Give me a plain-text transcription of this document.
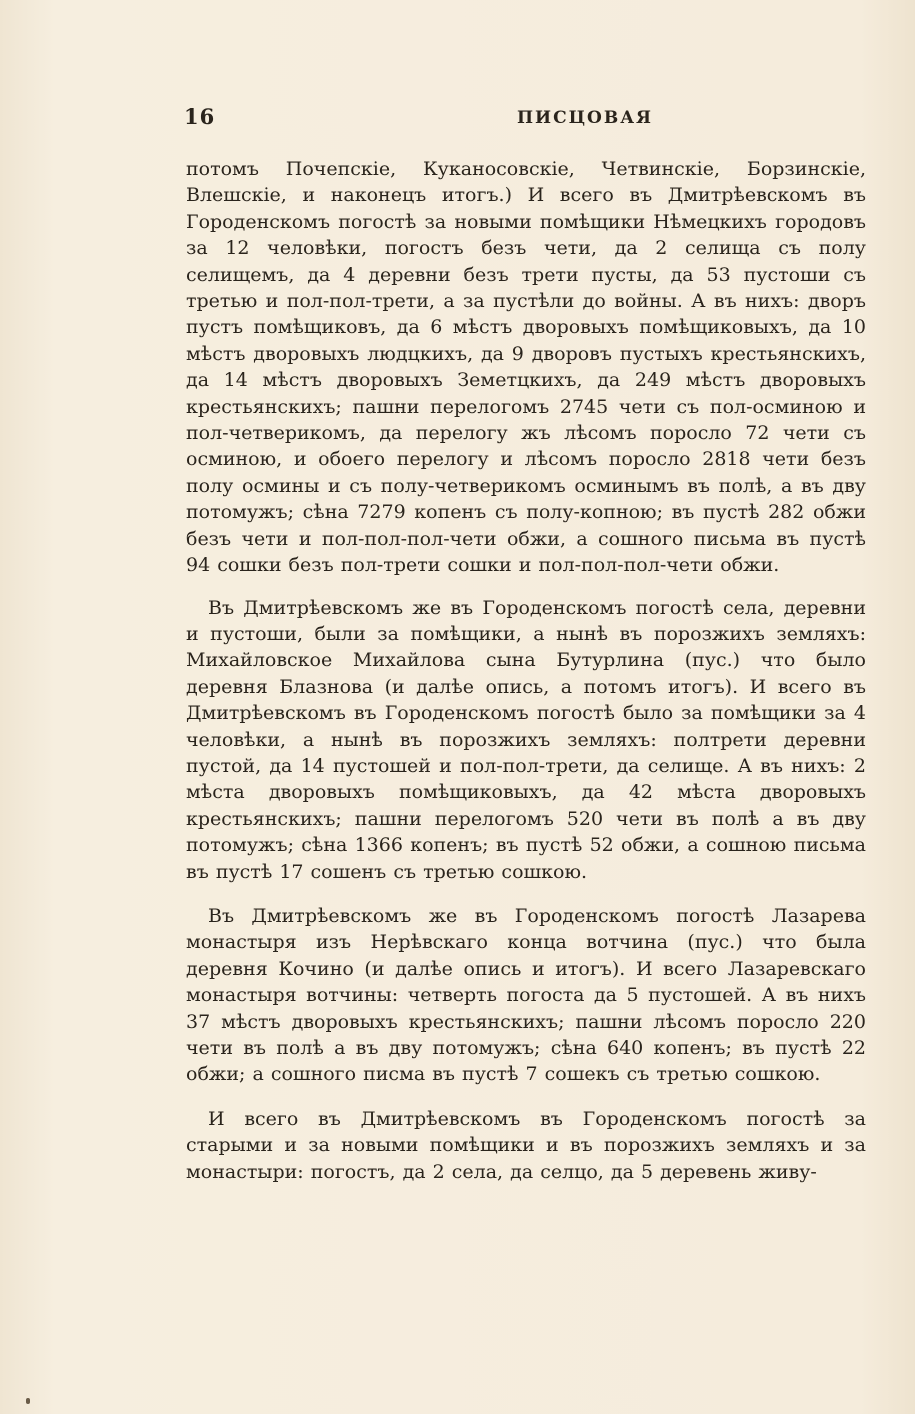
16	ПИСЦОВАЯ

потомъ Почепскіе, Куканосовскіе, Четвинскіе, Борзинскіе, Влешскіе, и наконецъ итогъ.) И всего въ Дмитрѣевскомъ въ Городенскомъ погостѣ за новыми помѣщики Нѣмецкихъ городовъ за 12 человѣки, погостъ безъ чети, да 2 селища съ полу селищемъ, да 4 деревни безъ трети пусты, да 53 пустоши съ третью и пол-пол-трети, а за пустѣли до войны. А въ нихъ: дворъ пустъ помѣщиковъ, да 6 мѣстъ дворовыхъ помѣщиковыхъ, да 10 мѣстъ дворовыхъ людцкихъ, да 9 дворовъ пустыхъ крестьянскихъ, да 14 мѣстъ дворовыхъ Земетцкихъ, да 249 мѣстъ дворовыхъ крестьянскихъ; пашни перелогомъ 2745 чети съ пол-осминою и пол-четверикомъ, да перелогу жъ лѣсомъ поросло 72 чети съ осминою, и обоего перелогу и лѣсомъ поросло 2818 чети безъ полу осмины и съ полу-четверикомъ осминымъ въ полѣ, а въ дву потомужъ; сѣна 7279 копенъ съ полу-копною; въ пустѣ 282 обжи безъ чети и пол-пол-пол-чети обжи, а сошного письма въ пустѣ 94 сошки безъ пол-трети сошки и пол-пол-пол-чети обжи.

Въ Дмитрѣевскомъ же въ Городенскомъ погостѣ села, деревни и пустоши, были за помѣщики, а нынѣ въ порозжихъ земляхъ: Михайловское Михайлова сына Бутурлина (пус.) что было деревня Блазнова (и далѣе опись, а потомъ итогъ). И всего въ Дмитрѣевскомъ въ Городенскомъ погостѣ было за помѣщики за 4 человѣки, а нынѣ въ порозжихъ земляхъ: полтрети деревни пустой, да 14 пустошей и пол-пол-трети, да селище. А въ нихъ: 2 мѣста дворовыхъ помѣщиковыхъ, да 42 мѣста дворовыхъ крестьянскихъ; пашни перелогомъ 520 чети въ полѣ а въ дву потомужъ; сѣна 1366 копенъ; въ пустѣ 52 обжи, а сошною письма въ пустѣ 17 сошенъ съ третью сошкою.

Въ Дмитрѣевскомъ же въ Городенскомъ погостѣ Лазарева монастыря изъ Нерѣвскаго конца вотчина (пус.) что была деревня Кочино (и далѣе опись и итогъ). И всего Лазаревскаго монастыря вотчины: четверть погоста да 5 пустошей. А въ нихъ 37 мѣстъ дворовыхъ крестьянскихъ; пашни лѣсомъ поросло 220 чети въ полѣ а въ дву потомужъ; сѣна 640 копенъ; въ пустѣ 22 обжи; а сошного писма въ пустѣ 7 сошекъ съ третью сошкою.

И всего въ Дмитрѣевскомъ въ Городенскомъ погостѣ за старыми и за новыми помѣщики и въ порозжихъ земляхъ и за монастыри: погостъ, да 2 села, да селцо, да 5 деревень живу-
